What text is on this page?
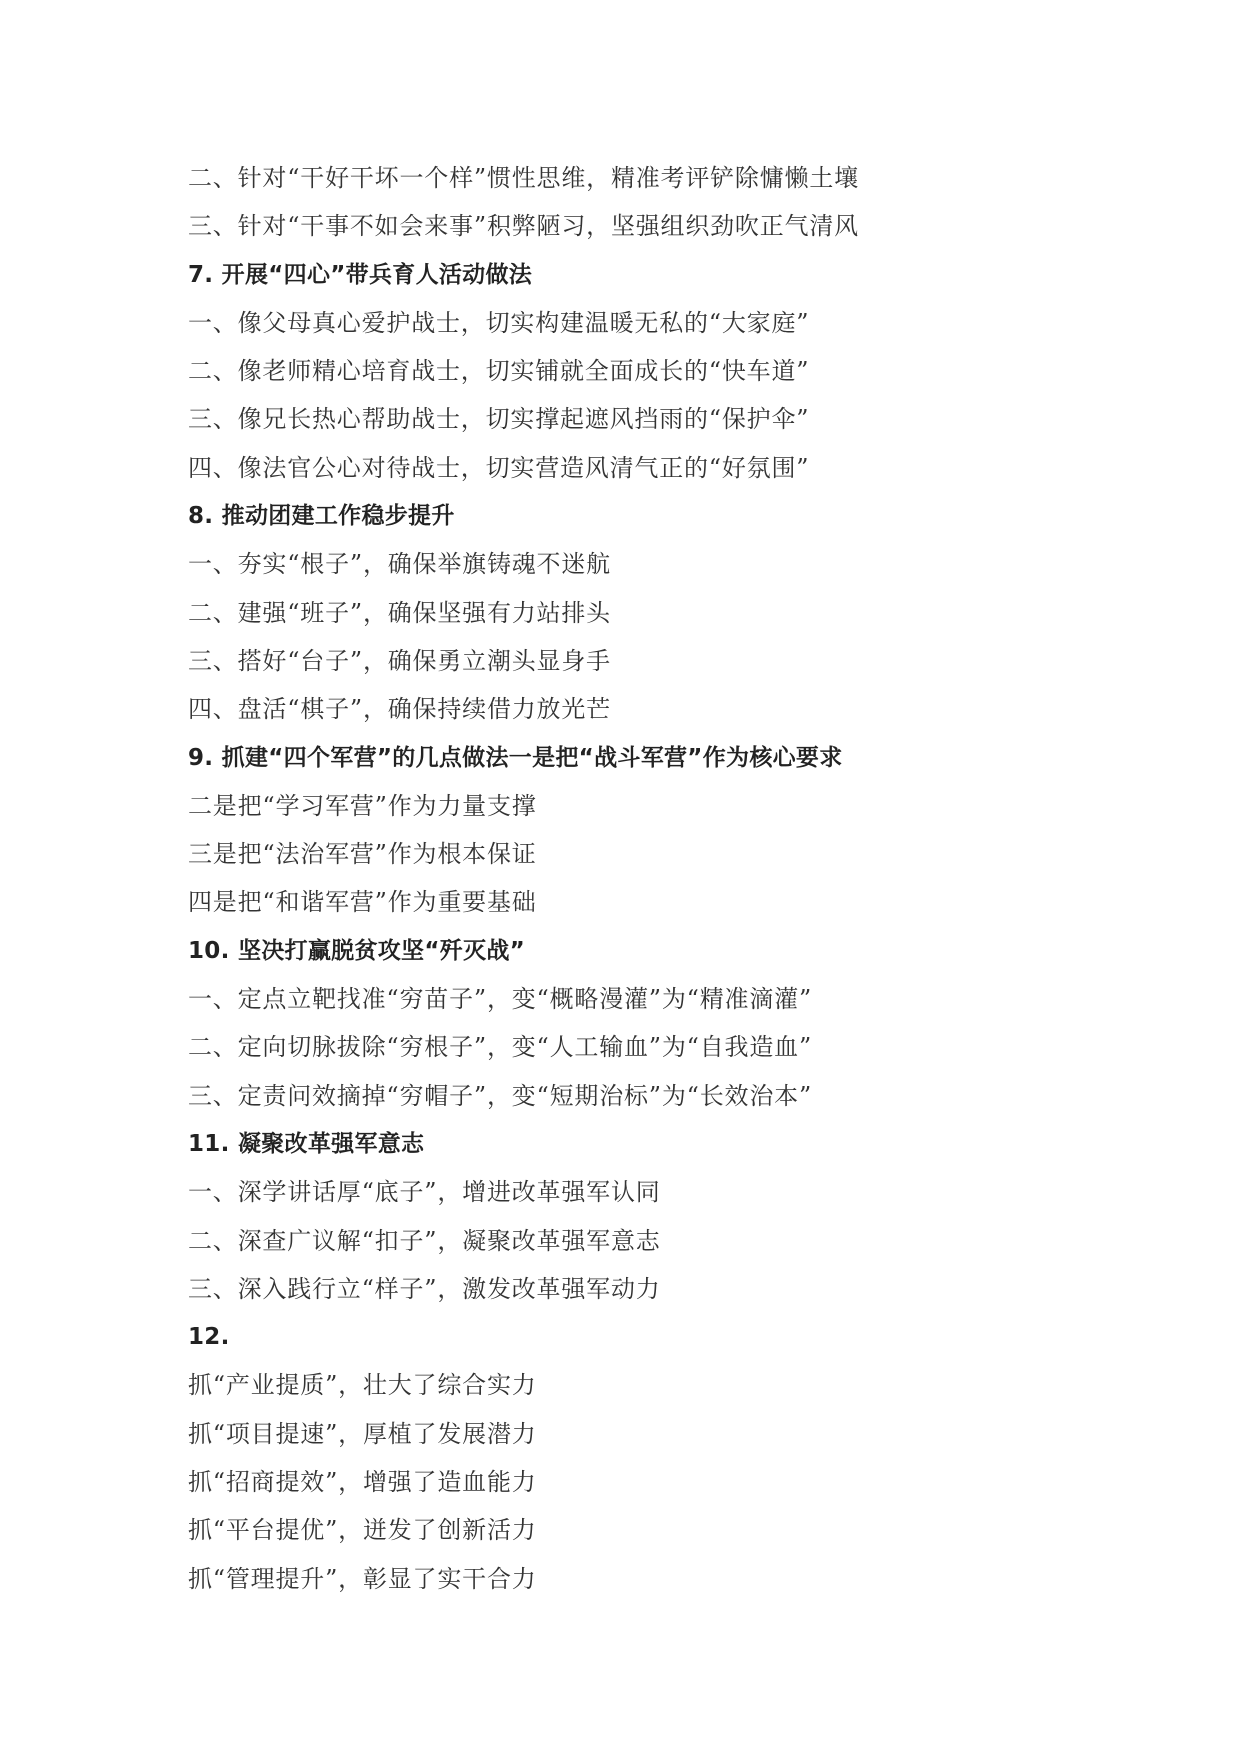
二、针对“干好干坏一个样”惯性思维，精准考评铲除慵懒土壤
三、针对“干事不如会来事”积弊陋习，坚强组织劲吹正气清风
7. 开展“四心”带兵育人活动做法
一、像父母真心爱护战士，切实构建温暖无私的“大家庭”
二、像老师精心培育战士，切实铺就全面成长的“快车道”
三、像兄长热心帮助战士，切实撑起遮风挡雨的“保护伞”
四、像法官公心对待战士，切实营造风清气正的“好氛围”
8. 推动团建工作稳步提升
一、夯实“根子”，确保举旗铸魂不迷航
二、建强“班子”，确保坚强有力站排头
三、搭好“台子”，确保勇立潮头显身手
四、盘活“棋子”，确保持续借力放光芒
9. 抓建“四个军营”的几点做法一是把“战斗军营”作为核心要求
二是把“学习军营”作为力量支撑
三是把“法治军营”作为根本保证
四是把“和谐军营”作为重要基础
10. 坚决打赢脱贫攻坚“歼灭战”
一、定点立靶找准“穷苗子”，变“概略漫灌”为“精准滴灌”
二、定向切脉拔除“穷根子”，变“人工输血”为“自我造血”
三、定责问效摘掉“穷帽子”，变“短期治标”为“长效治本”
11. 凝聚改革强军意志
一、深学讲话厚“底子”，增进改革强军认同
二、深查广议解“扣子”，凝聚改革强军意志
三、深入践行立“样子”，激发改革强军动力
12.
抓“产业提质”，壮大了综合实力
抓“项目提速”，厚植了发展潜力
抓“招商提效”，增强了造血能力
抓“平台提优”，迸发了创新活力
抓“管理提升”，彰显了实干合力
